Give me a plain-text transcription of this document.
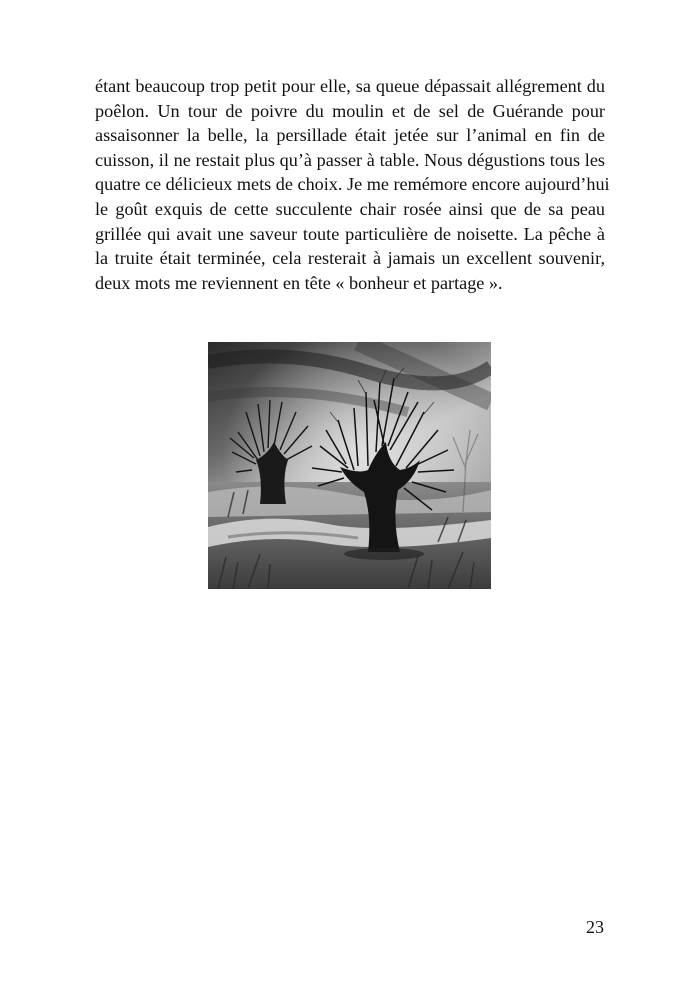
étant beaucoup trop petit pour elle, sa queue dépassait allégrement du
poêlon. Un tour de poivre du moulin et de sel de Guérande pour
assaisonner la belle, la persillade était jetée sur l’animal en fin de
cuisson, il ne restait plus qu’à passer à table. Nous dégustions tous les
quatre ce délicieux mets de choix. Je me remémore encore aujourd’hui
le goût exquis de cette succulente chair rosée ainsi que de sa peau
grillée qui avait une saveur toute particulière de noisette. La pêche à
la truite était terminée, cela resterait à jamais un excellent souvenir,
deux mots me reviennent en tête « bonheur et partage ».

23
